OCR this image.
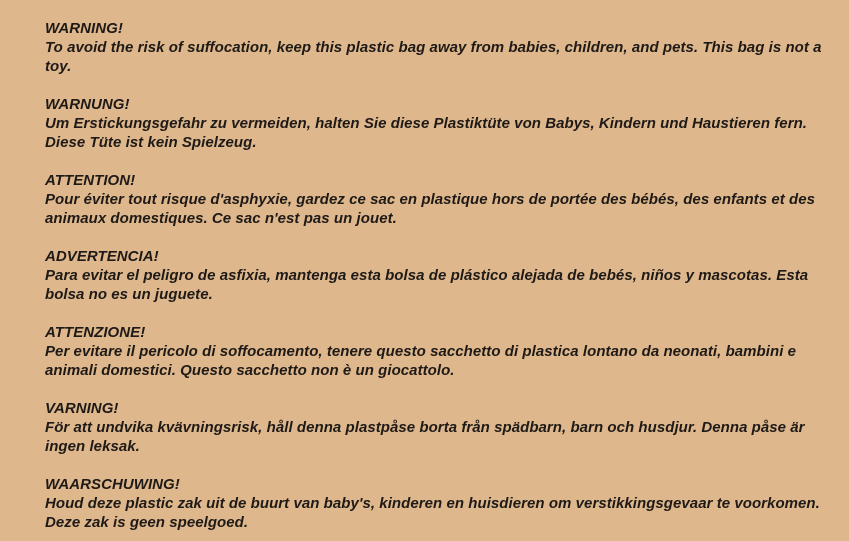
WARNING!

To avoid the risk of suffocation, keep this plastic bag away from babies, children, and pets. This bag is not a toy.

WARNUNG!

Um Erstickungsgefahr zu vermeiden, halten Sie diese Plastiktüte von Babys, Kindern und Haustieren fern. Diese Tüte ist kein Spielzeug.

ATTENTION!

Pour éviter tout risque d'asphyxie, gardez ce sac en plastique hors de portée des bébés, des enfants et des animaux domestiques. Ce sac n'est pas un jouet.

ADVERTENCIA!

Para evitar el peligro de asfixia, mantenga esta bolsa de plástico alejada de bebés, niños y mascotas. Esta bolsa no es un juguete.

ATTENZIONE!

Per evitare il pericolo di soffocamento, tenere questo sacchetto di plastica lontano da neonati, bambini e animali domestici. Questo sacchetto non è un giocattolo.

VARNING!

För att undvika kvävningsrisk, håll denna plastpåse borta från spädbarn, barn och husdjur. Denna påse är ingen leksak.

WAARSCHUWING!

Houd deze plastic zak uit de buurt van baby's, kinderen en huisdieren om verstikkingsgevaar te voorkomen. Deze zak is geen speelgoed.
